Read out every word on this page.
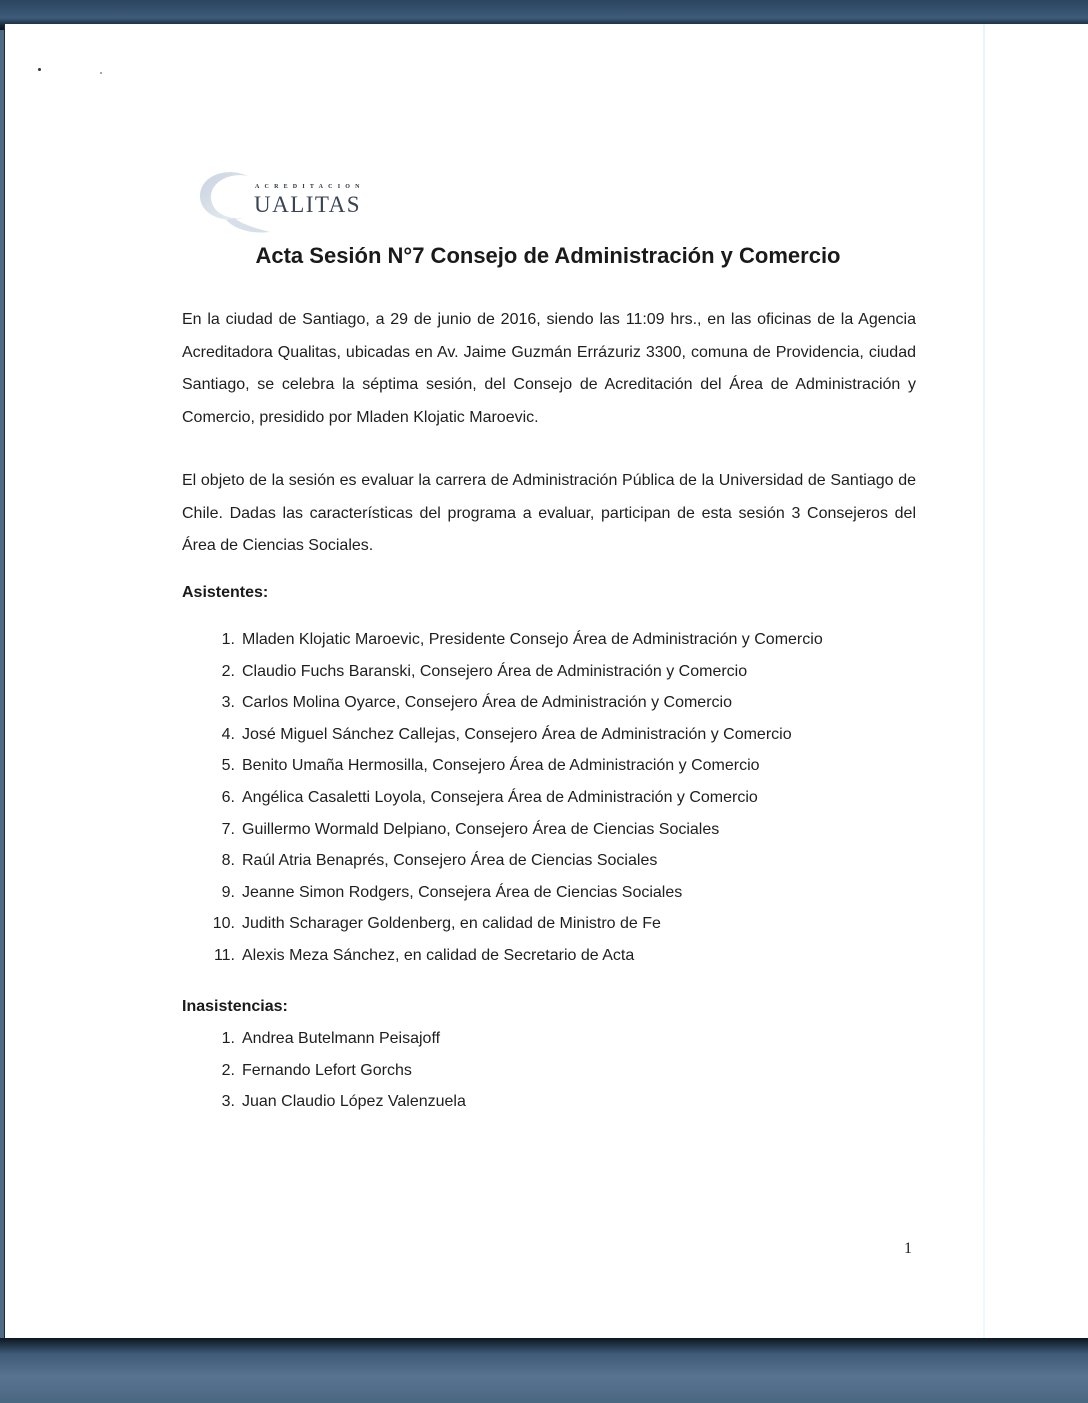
ACREDITACION
UALITAS
Acta Sesión N°7 Consejo de Administración y Comercio

En la ciudad de Santiago, a 29 de junio de 2016, siendo las 11:09 hrs., en las oficinas de la Agencia Acreditadora Qualitas, ubicadas en Av. Jaime Guzmán Errázuriz 3300, comuna de Providencia, ciudad Santiago, se celebra la séptima sesión, del Consejo de Acreditación del Área de Administración y Comercio, presidido por Mladen Klojatic Maroevic.

El objeto de la sesión es evaluar la carrera de Administración Pública de la Universidad de Santiago de Chile. Dadas las características del programa a evaluar, participan de esta sesión 3 Consejeros del Área de Ciencias Sociales.

Asistentes:
1. Mladen Klojatic Maroevic, Presidente Consejo Área de Administración y Comercio
2. Claudio Fuchs Baranski, Consejero Área de Administración y Comercio
3. Carlos Molina Oyarce, Consejero Área de Administración y Comercio
4. José Miguel Sánchez Callejas, Consejero Área de Administración y Comercio
5. Benito Umaña Hermosilla, Consejero Área de Administración y Comercio
6. Angélica Casaletti Loyola, Consejera Área de Administración y Comercio
7. Guillermo Wormald Delpiano, Consejero Área de Ciencias Sociales
8. Raúl Atria Benaprés, Consejero Área de Ciencias Sociales
9. Jeanne Simon Rodgers, Consejera Área de Ciencias Sociales
10. Judith Scharager Goldenberg, en calidad de Ministro de Fe
11. Alexis Meza Sánchez, en calidad de Secretario de Acta
Inasistencias:
1. Andrea Butelmann Peisajoff
2. Fernando Lefort Gorchs
3. Juan Claudio López Valenzuela
1
